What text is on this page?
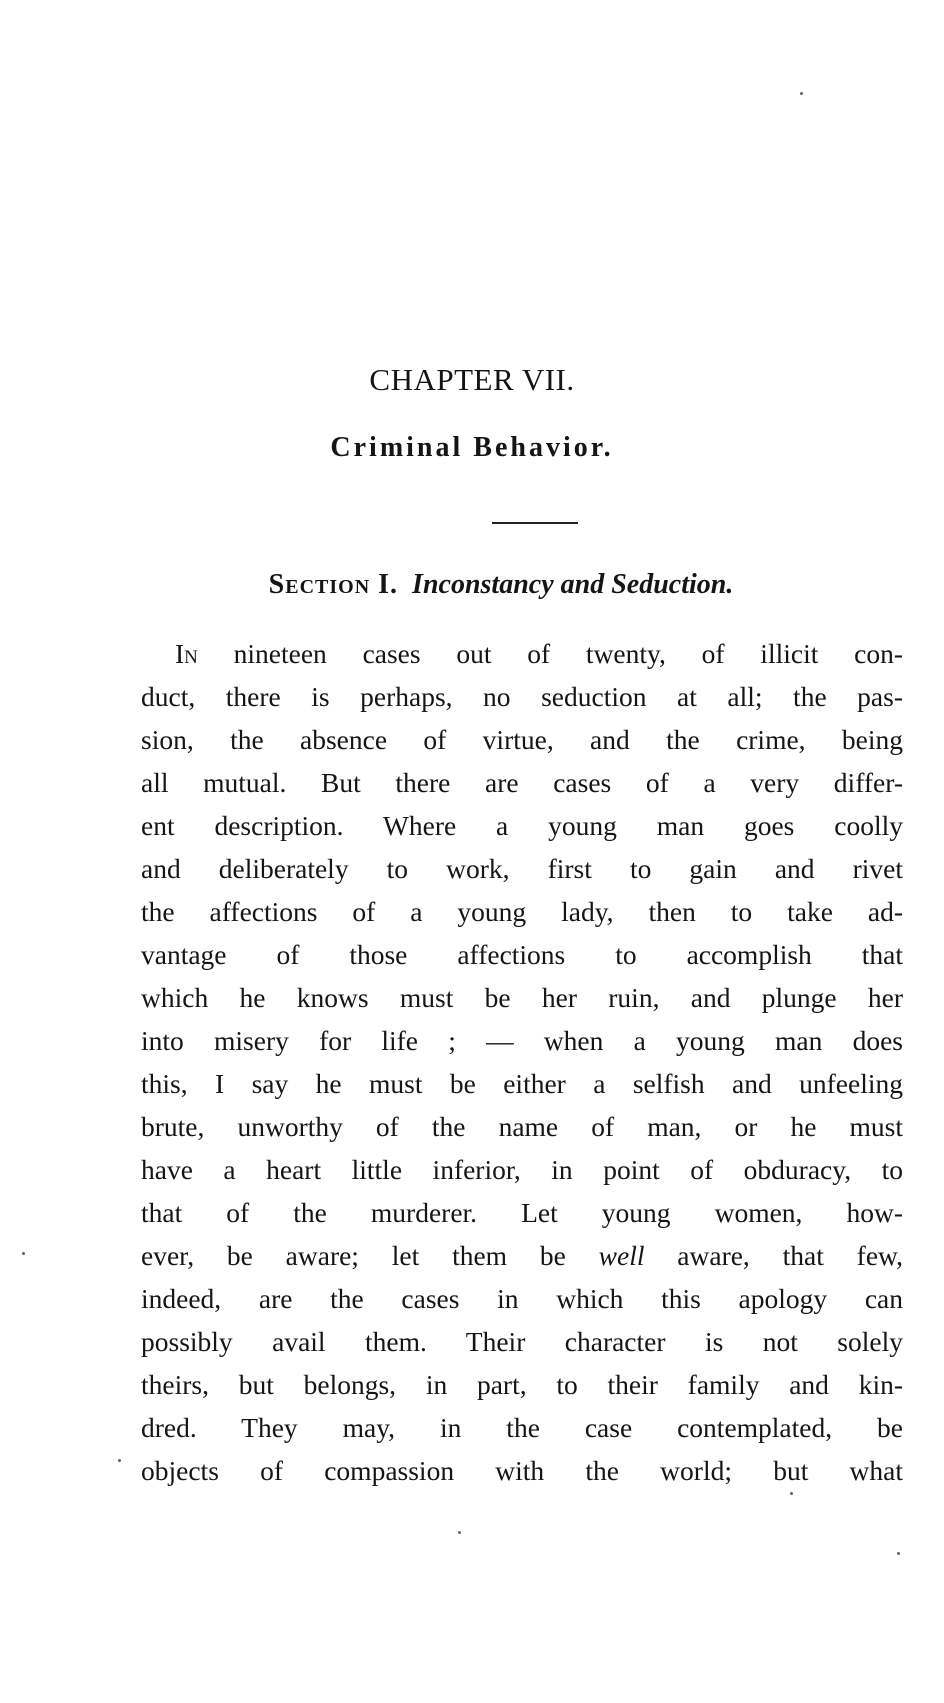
CHAPTER VII.
Criminal Behavior.
Section I. Inconstancy and Seduction.
In nineteen cases out of twenty, of illicit con-
duct, there is perhaps, no seduction at all; the pas-
sion, the absence of virtue, and the crime, being
all mutual. But there are cases of a very differ-
ent description. Where a young man goes coolly
and deliberately to work, first to gain and rivet
the affections of a young lady, then to take ad-
vantage of those affections to accomplish that
which he knows must be her ruin, and plunge her
into misery for life ; — when a young man does
this, I say he must be either a selfish and unfeeling
brute, unworthy of the name of man, or he must
have a heart little inferior, in point of obduracy, to
that of the murderer. Let young women, how-
ever, be aware; let them be well aware, that few,
indeed, are the cases in which this apology can
possibly avail them. Their character is not solely
theirs, but belongs, in part, to their family and kin-
dred. They may, in the case contemplated, be
objects of compassion with the world; but what
